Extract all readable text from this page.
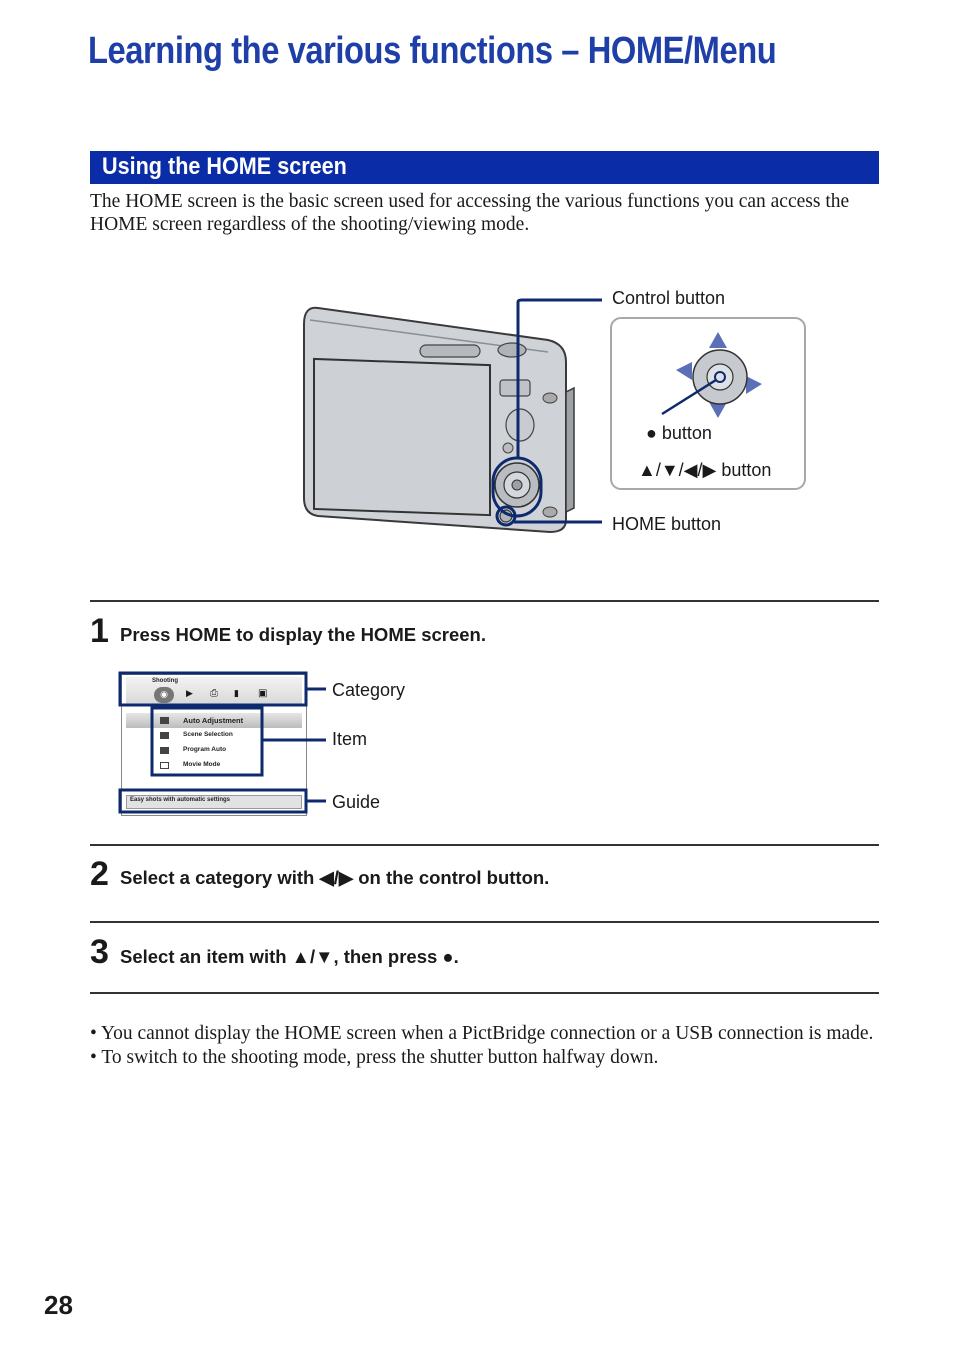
Learning the various functions – HOME/Menu
Using the HOME screen
The HOME screen is the basic screen used for accessing the various functions you can access the HOME screen regardless of the shooting/viewing mode.
Control button
● button
▲/▼/◀/▶ button
HOME button
1 Press HOME to display the HOME screen.
Shooting
◉	▶ ⎙ ▮ ▣
Auto Adjustment
Scene Selection
Program Auto
Movie Mode
Easy shots with automatic settings
Category
Item
Guide
2 Select a category with ◀/▶ on the control button.
3 Select an item with ▲/▼, then press ●.
• You cannot display the HOME screen when a PictBridge connection or a USB connection is made.
• To switch to the shooting mode, press the shutter button halfway down.
28
